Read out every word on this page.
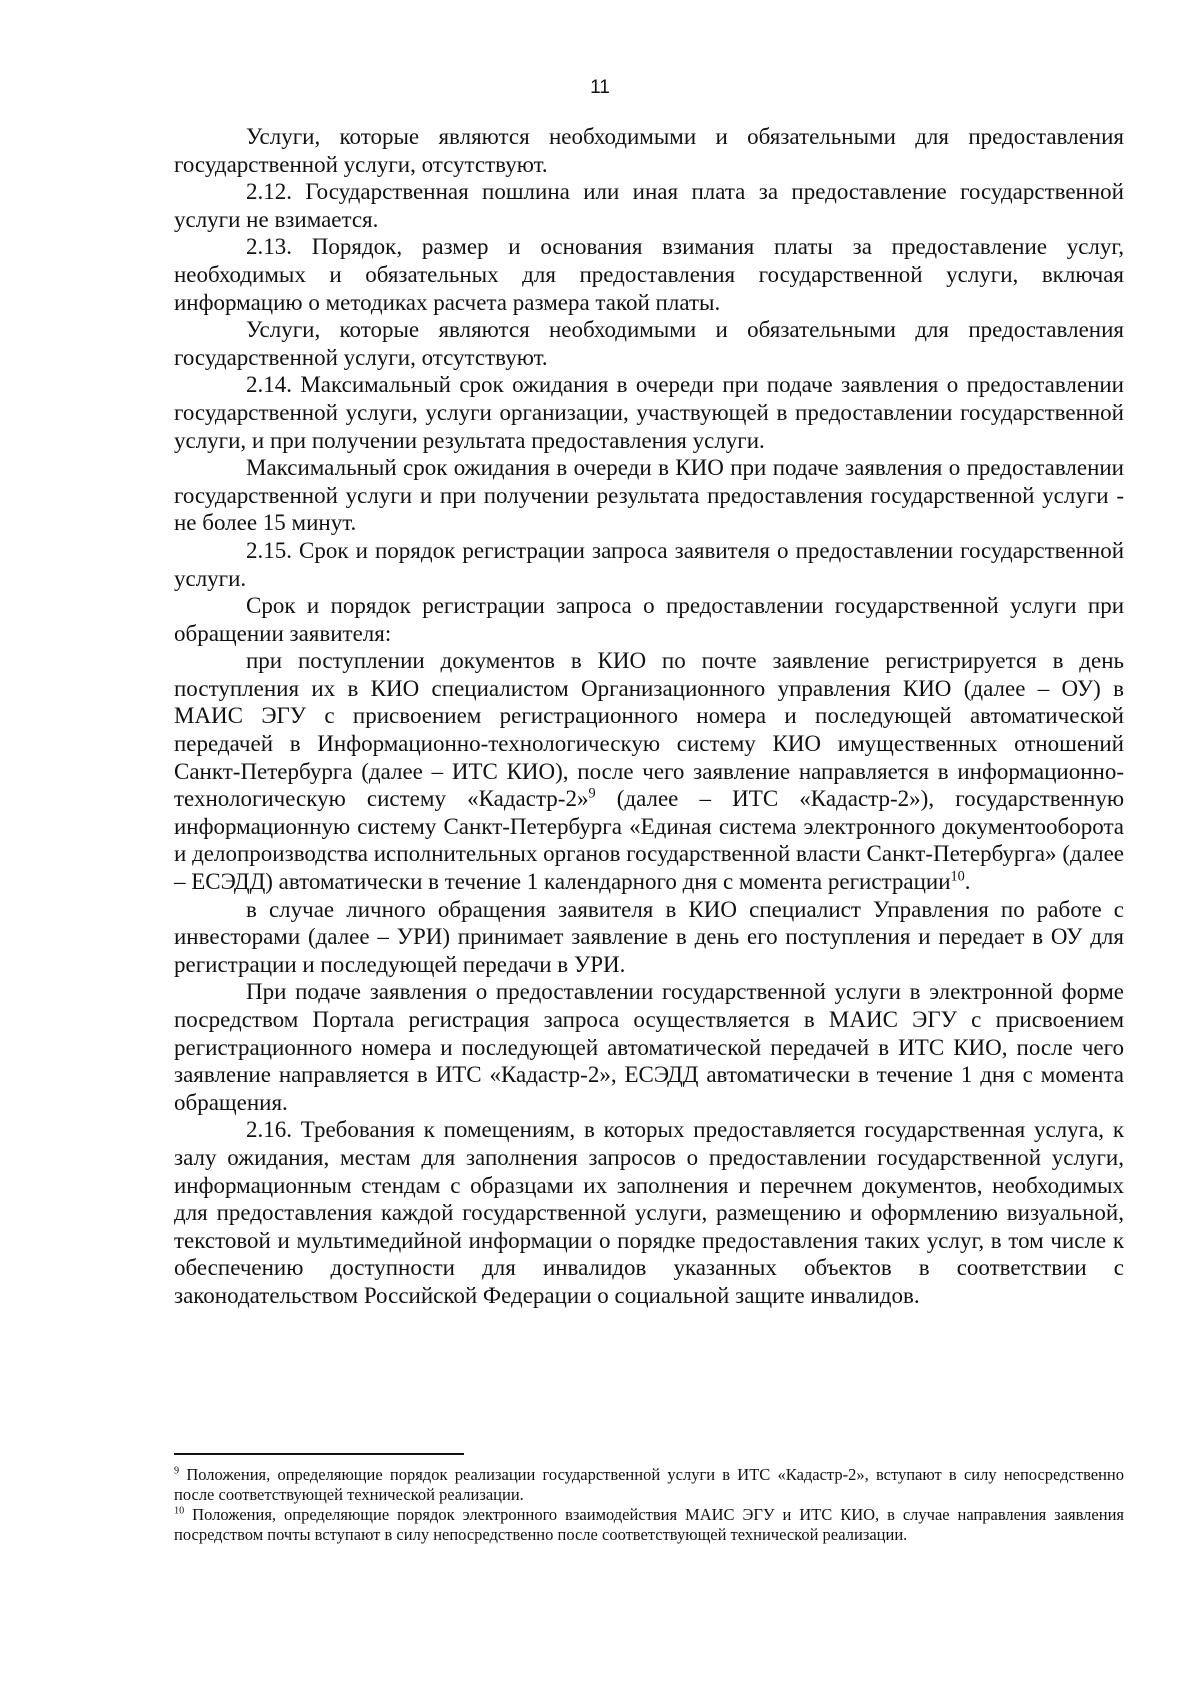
11

Услуги, которые являются необходимыми и обязательными для предоставления государственной услуги, отсутствуют.

2.12. Государственная пошлина или иная плата за предоставление государственной услуги не взимается.

2.13. Порядок, размер и основания взимания платы за предоставление услуг, необходимых и обязательных для предоставления государственной услуги, включая информацию о методиках расчета размера такой платы.

Услуги, которые являются необходимыми и обязательными для предоставления государственной услуги, отсутствуют.

2.14. Максимальный срок ожидания в очереди при подаче заявления о предоставлении государственной услуги, услуги организации, участвующей в предоставлении государственной услуги, и при получении результата предоставления услуги.

Максимальный срок ожидания в очереди в КИО при подаче заявления о предоставлении государственной услуги и при получении результата предоставления государственной услуги - не более 15 минут.

2.15. Срок и порядок регистрации запроса заявителя о предоставлении государственной услуги.

Срок и порядок регистрации запроса о предоставлении государственной услуги при обращении заявителя:

при поступлении документов в КИО по почте заявление регистрируется в день поступления их в КИО специалистом Организационного управления КИО (далее – ОУ) в МАИС ЭГУ с присвоением регистрационного номера и последующей автоматической передачей в Информационно-технологическую систему КИО имущественных отношений Санкт-Петербурга (далее – ИТС КИО), после чего заявление направляется в информационно-технологическую систему «Кадастр-2»$^9$ (далее – ИТС «Кадастр-2»), государственную информационную систему Санкт-Петербурга «Единая система электронного документооборота и делопроизводства исполнительных органов государственной власти Санкт-Петербурга» (далее – ЕСЭДД) автоматически в течение 1 календарного дня с момента регистрации$^{10}$.

в случае личного обращения заявителя в КИО специалист Управления по работе с инвесторами (далее – УРИ) принимает заявление в день его поступления и передает в ОУ для регистрации и последующей передачи в УРИ.

При подаче заявления о предоставлении государственной услуги в электронной форме посредством Портала регистрация запроса осуществляется в МАИС ЭГУ с присвоением регистрационного номера и последующей автоматической передачей в ИТС КИО, после чего заявление направляется в ИТС «Кадастр-2», ЕСЭДД автоматически в течение 1 дня с момента обращения.

2.16. Требования к помещениям, в которых предоставляется государственная услуга, к залу ожидания, местам для заполнения запросов о предоставлении государственной услуги, информационным стендам с образцами их заполнения и перечнем документов, необходимых для предоставления каждой государственной услуги, размещению и оформлению визуальной, текстовой и мультимедийной информации о порядке предоставления таких услуг, в том числе к обеспечению доступности для инвалидов указанных объектов в соответствии с законодательством Российской Федерации о социальной защите инвалидов.

$^9$ Положения, определяющие порядок реализации государственной услуги в ИТС «Кадастр-2», вступают в силу непосредственно после соответствующей технической реализации.

$^{10}$ Положения, определяющие порядок электронного взаимодействия МАИС ЭГУ и ИТС КИО, в случае направления заявления посредством почты вступают в силу непосредственно после соответствующей технической реализации.
